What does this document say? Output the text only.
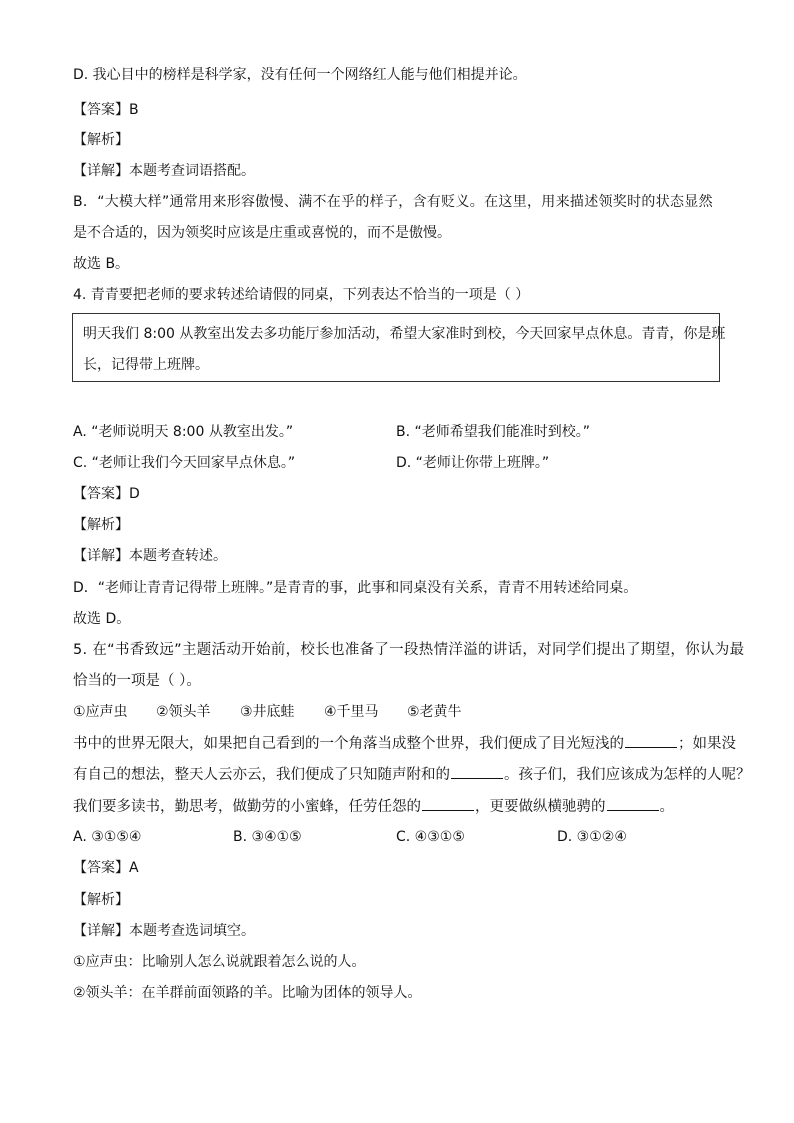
D. 我心目中的榜样是科学家，没有任何一个网络红人能与他们相提并论。
【答案】B
【解析】
【详解】本题考查词语搭配。
B．“大模大样”通常用来形容傲慢、满不在乎的样子，含有贬义。在这里，用来描述领奖时的状态显然
是不合适的，因为领奖时应该是庄重或喜悦的，而不是傲慢。
故选 B。
4. 青青要把老师的要求转述给请假的同桌，下列表达不恰当的一项是（ ）
明天我们 8:00 从教室出发去多功能厅参加活动，希望大家准时到校，今天回家早点休息。青青，你是班
长，记得带上班牌。
A. “老师说明天 8:00 从教室出发。”	B. “老师希望我们能准时到校。”
C. “老师让我们今天回家早点休息。”	D. “老师让你带上班牌。”
【答案】D
【解析】
【详解】本题考查转述。
D．“老师让青青记得带上班牌。”是青青的事，此事和同桌没有关系，青青不用转述给同桌。
故选 D。
5. 在“书香致远”主题活动开始前，校长也准备了一段热情洋溢的讲话，对同学们提出了期望，你认为最
恰当的一项是（ ）。
①应声虫 ②领头羊 ③井底蛙 ④千里马 ⑤老黄牛
书中的世界无限大，如果把自己看到的一个角落当成整个世界，我们便成了目光短浅的	；如果没
有自己的想法，整天人云亦云，我们便成了只知随声附和的	。孩子们，我们应该成为怎样的人呢？
我们要多读书，勤思考，做勤劳的小蜜蜂，任劳任怨的	，更要做纵横驰骋的	。
A. ③①⑤④	B. ③④①⑤	C. ④③①⑤	D. ③①②④
【答案】A
【解析】
【详解】本题考查选词填空。
①应声虫：比喻别人怎么说就跟着怎么说的人。
②领头羊：在羊群前面领路的羊。比喻为团体的领导人。
